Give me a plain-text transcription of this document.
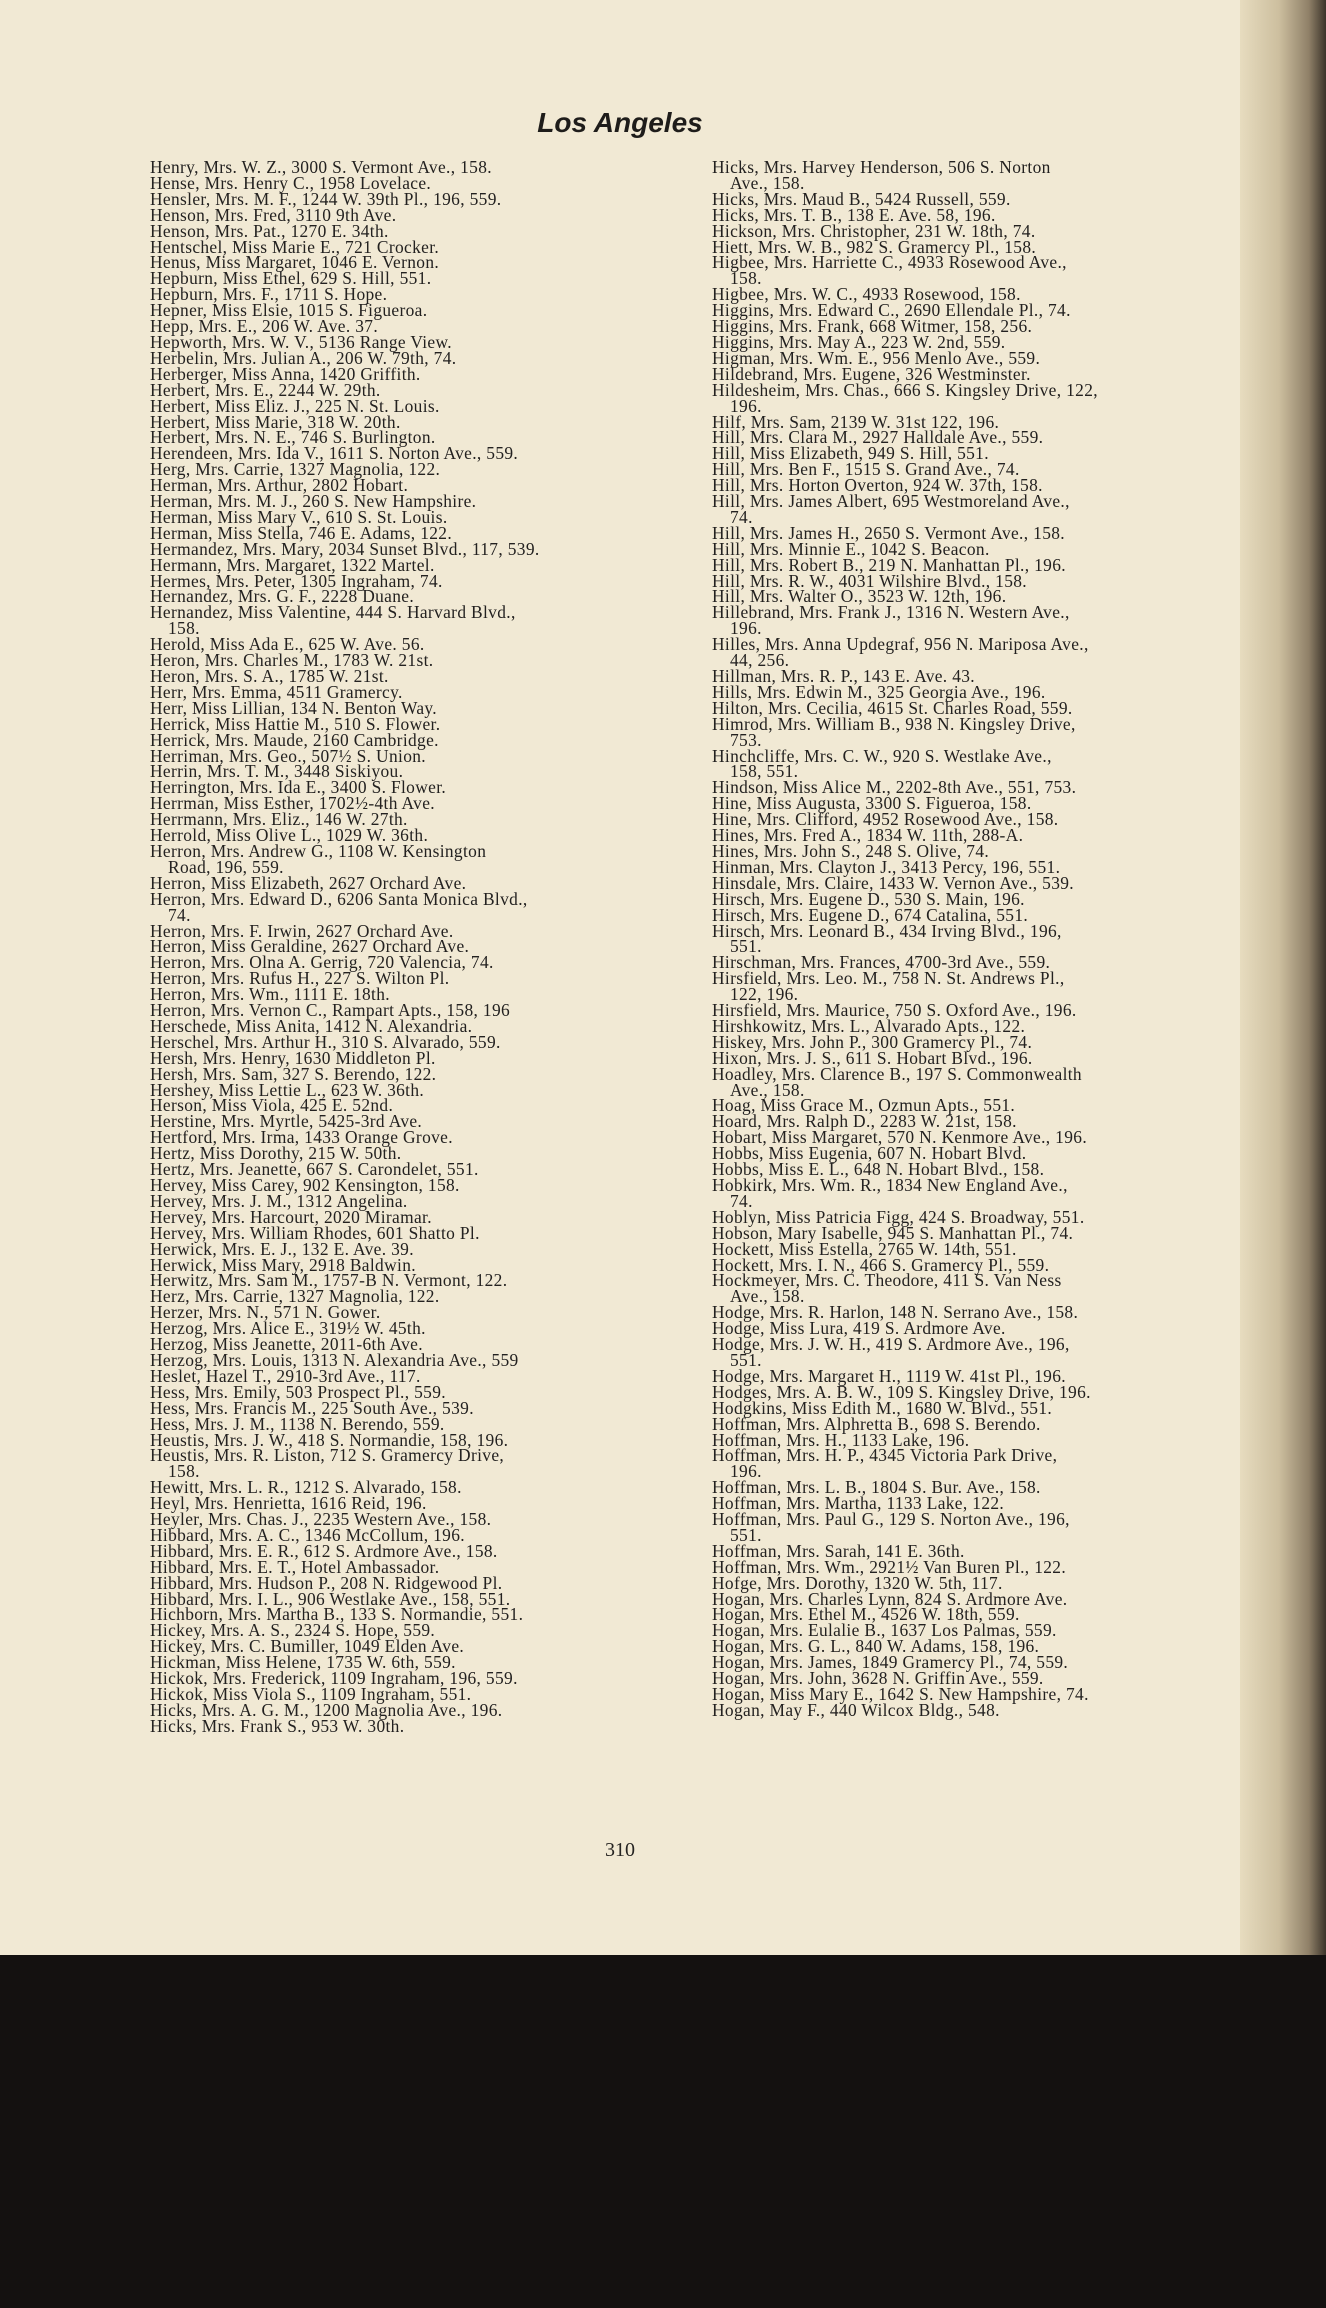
Los Angeles
Henry, Mrs. W. Z., 3000 S. Vermont Ave., 158.
Hense, Mrs. Henry C., 1958 Lovelace.
Hensler, Mrs. M. F., 1244 W. 39th Pl., 196, 559.
Henson, Mrs. Fred, 3110 9th Ave.
Henson, Mrs. Pat., 1270 E. 34th.
Hentschel, Miss Marie E., 721 Crocker.
Henus, Miss Margaret, 1046 E. Vernon.
Hepburn, Miss Ethel, 629 S. Hill, 551.
Hepburn, Mrs. F., 1711 S. Hope.
Hepner, Miss Elsie, 1015 S. Figueroa.
Hepp, Mrs. E., 206 W. Ave. 37.
Hepworth, Mrs. W. V., 5136 Range View.
Herbelin, Mrs. Julian A., 206 W. 79th, 74.
Herberger, Miss Anna, 1420 Griffith.
Herbert, Mrs. E., 2244 W. 29th.
Herbert, Miss Eliz. J., 225 N. St. Louis.
Herbert, Miss Marie, 318 W. 20th.
Herbert, Mrs. N. E., 746 S. Burlington.
Herendeen, Mrs. Ida V., 1611 S. Norton Ave., 559.
Herg, Mrs. Carrie, 1327 Magnolia, 122.
Herman, Mrs. Arthur, 2802 Hobart.
Herman, Mrs. M. J., 260 S. New Hampshire.
Herman, Miss Mary V., 610 S. St. Louis.
Herman, Miss Stella, 746 E. Adams, 122.
Hermandez, Mrs. Mary, 2034 Sunset Blvd., 117, 539.
Hermann, Mrs. Margaret, 1322 Martel.
Hermes, Mrs. Peter, 1305 Ingraham, 74.
Hernandez, Mrs. G. F., 2228 Duane.
Hernandez, Miss Valentine, 444 S. Harvard Blvd.,
158.
Herold, Miss Ada E., 625 W. Ave. 56.
Heron, Mrs. Charles M., 1783 W. 21st.
Heron, Mrs. S. A., 1785 W. 21st.
Herr, Mrs. Emma, 4511 Gramercy.
Herr, Miss Lillian, 134 N. Benton Way.
Herrick, Miss Hattie M., 510 S. Flower.
Herrick, Mrs. Maude, 2160 Cambridge.
Herriman, Mrs. Geo., 507½ S. Union.
Herrin, Mrs. T. M., 3448 Siskiyou.
Herrington, Mrs. Ida E., 3400 S. Flower.
Herrman, Miss Esther, 1702½-4th Ave.
Herrmann, Mrs. Eliz., 146 W. 27th.
Herrold, Miss Olive L., 1029 W. 36th.
Herron, Mrs. Andrew G., 1108 W. Kensington
Road, 196, 559.
Herron, Miss Elizabeth, 2627 Orchard Ave.
Herron, Mrs. Edward D., 6206 Santa Monica Blvd.,
74.
Herron, Mrs. F. Irwin, 2627 Orchard Ave.
Herron, Miss Geraldine, 2627 Orchard Ave.
Herron, Mrs. Olna A. Gerrig, 720 Valencia, 74.
Herron, Mrs. Rufus H., 227 S. Wilton Pl.
Herron, Mrs. Wm., 1111 E. 18th.
Herron, Mrs. Vernon C., Rampart Apts., 158, 196
Herschede, Miss Anita, 1412 N. Alexandria.
Herschel, Mrs. Arthur H., 310 S. Alvarado, 559.
Hersh, Mrs. Henry, 1630 Middleton Pl.
Hersh, Mrs. Sam, 327 S. Berendo, 122.
Hershey, Miss Lettie L., 623 W. 36th.
Herson, Miss Viola, 425 E. 52nd.
Herstine, Mrs. Myrtle, 5425-3rd Ave.
Hertford, Mrs. Irma, 1433 Orange Grove.
Hertz, Miss Dorothy, 215 W. 50th.
Hertz, Mrs. Jeanette, 667 S. Carondelet, 551.
Hervey, Miss Carey, 902 Kensington, 158.
Hervey, Mrs. J. M., 1312 Angelina.
Hervey, Mrs. Harcourt, 2020 Miramar.
Hervey, Mrs. William Rhodes, 601 Shatto Pl.
Herwick, Mrs. E. J., 132 E. Ave. 39.
Herwick, Miss Mary, 2918 Baldwin.
Herwitz, Mrs. Sam M., 1757-B N. Vermont, 122.
Herz, Mrs. Carrie, 1327 Magnolia, 122.
Herzer, Mrs. N., 571 N. Gower.
Herzog, Mrs. Alice E., 319½ W. 45th.
Herzog, Miss Jeanette, 2011-6th Ave.
Herzog, Mrs. Louis, 1313 N. Alexandria Ave., 559
Heslet, Hazel T., 2910-3rd Ave., 117.
Hess, Mrs. Emily, 503 Prospect Pl., 559.
Hess, Mrs. Francis M., 225 South Ave., 539.
Hess, Mrs. J. M., 1138 N. Berendo, 559.
Heustis, Mrs. J. W., 418 S. Normandie, 158, 196.
Heustis, Mrs. R. Liston, 712 S. Gramercy Drive,
158.
Hewitt, Mrs. L. R., 1212 S. Alvarado, 158.
Heyl, Mrs. Henrietta, 1616 Reid, 196.
Heyler, Mrs. Chas. J., 2235 Western Ave., 158.
Hibbard, Mrs. A. C., 1346 McCollum, 196.
Hibbard, Mrs. E. R., 612 S. Ardmore Ave., 158.
Hibbard, Mrs. E. T., Hotel Ambassador.
Hibbard, Mrs. Hudson P., 208 N. Ridgewood Pl.
Hibbard, Mrs. I. L., 906 Westlake Ave., 158, 551.
Hichborn, Mrs. Martha B., 133 S. Normandie, 551.
Hickey, Mrs. A. S., 2324 S. Hope, 559.
Hickey, Mrs. C. Bumiller, 1049 Elden Ave.
Hickman, Miss Helene, 1735 W. 6th, 559.
Hickok, Mrs. Frederick, 1109 Ingraham, 196, 559.
Hickok, Miss Viola S., 1109 Ingraham, 551.
Hicks, Mrs. A. G. M., 1200 Magnolia Ave., 196.
Hicks, Mrs. Frank S., 953 W. 30th.
Hicks, Mrs. Harvey Henderson, 506 S. Norton
Ave., 158.
Hicks, Mrs. Maud B., 5424 Russell, 559.
Hicks, Mrs. T. B., 138 E. Ave. 58, 196.
Hickson, Mrs. Christopher, 231 W. 18th, 74.
Hiett, Mrs. W. B., 982 S. Gramercy Pl., 158.
Higbee, Mrs. Harriette C., 4933 Rosewood Ave.,
158.
Higbee, Mrs. W. C., 4933 Rosewood, 158.
Higgins, Mrs. Edward C., 2690 Ellendale Pl., 74.
Higgins, Mrs. Frank, 668 Witmer, 158, 256.
Higgins, Mrs. May A., 223 W. 2nd, 559.
Higman, Mrs. Wm. E., 956 Menlo Ave., 559.
Hildebrand, Mrs. Eugene, 326 Westminster.
Hildesheim, Mrs. Chas., 666 S. Kingsley Drive, 122,
196.
Hilf, Mrs. Sam, 2139 W. 31st 122, 196.
Hill, Mrs. Clara M., 2927 Halldale Ave., 559.
Hill, Miss Elizabeth, 949 S. Hill, 551.
Hill, Mrs. Ben F., 1515 S. Grand Ave., 74.
Hill, Mrs. Horton Overton, 924 W. 37th, 158.
Hill, Mrs. James Albert, 695 Westmoreland Ave.,
74.
Hill, Mrs. James H., 2650 S. Vermont Ave., 158.
Hill, Mrs. Minnie E., 1042 S. Beacon.
Hill, Mrs. Robert B., 219 N. Manhattan Pl., 196.
Hill, Mrs. R. W., 4031 Wilshire Blvd., 158.
Hill, Mrs. Walter O., 3523 W. 12th, 196.
Hillebrand, Mrs. Frank J., 1316 N. Western Ave.,
196.
Hilles, Mrs. Anna Updegraf, 956 N. Mariposa Ave.,
44, 256.
Hillman, Mrs. R. P., 143 E. Ave. 43.
Hills, Mrs. Edwin M., 325 Georgia Ave., 196.
Hilton, Mrs. Cecilia, 4615 St. Charles Road, 559.
Himrod, Mrs. William B., 938 N. Kingsley Drive,
753.
Hinchcliffe, Mrs. C. W., 920 S. Westlake Ave.,
158, 551.
Hindson, Miss Alice M., 2202-8th Ave., 551, 753.
Hine, Miss Augusta, 3300 S. Figueroa, 158.
Hine, Mrs. Clifford, 4952 Rosewood Ave., 158.
Hines, Mrs. Fred A., 1834 W. 11th, 288-A.
Hines, Mrs. John S., 248 S. Olive, 74.
Hinman, Mrs. Clayton J., 3413 Percy, 196, 551.
Hinsdale, Mrs. Claire, 1433 W. Vernon Ave., 539.
Hirsch, Mrs. Eugene D., 530 S. Main, 196.
Hirsch, Mrs. Eugene D., 674 Catalina, 551.
Hirsch, Mrs. Leonard B., 434 Irving Blvd., 196,
551.
Hirschman, Mrs. Frances, 4700-3rd Ave., 559.
Hirsfield, Mrs. Leo. M., 758 N. St. Andrews Pl.,
122, 196.
Hirsfield, Mrs. Maurice, 750 S. Oxford Ave., 196.
Hirshkowitz, Mrs. L., Alvarado Apts., 122.
Hiskey, Mrs. John P., 300 Gramercy Pl., 74.
Hixon, Mrs. J. S., 611 S. Hobart Blvd., 196.
Hoadley, Mrs. Clarence B., 197 S. Commonwealth
Ave., 158.
Hoag, Miss Grace M., Ozmun Apts., 551.
Hoard, Mrs. Ralph D., 2283 W. 21st, 158.
Hobart, Miss Margaret, 570 N. Kenmore Ave., 196.
Hobbs, Miss Eugenia, 607 N. Hobart Blvd.
Hobbs, Miss E. L., 648 N. Hobart Blvd., 158.
Hobkirk, Mrs. Wm. R., 1834 New England Ave.,
74.
Hoblyn, Miss Patricia Figg, 424 S. Broadway, 551.
Hobson, Mary Isabelle, 945 S. Manhattan Pl., 74.
Hockett, Miss Estella, 2765 W. 14th, 551.
Hockett, Mrs. I. N., 466 S. Gramercy Pl., 559.
Hockmeyer, Mrs. C. Theodore, 411 S. Van Ness
Ave., 158.
Hodge, Mrs. R. Harlon, 148 N. Serrano Ave., 158.
Hodge, Miss Lura, 419 S. Ardmore Ave.
Hodge, Mrs. J. W. H., 419 S. Ardmore Ave., 196,
551.
Hodge, Mrs. Margaret H., 1119 W. 41st Pl., 196.
Hodges, Mrs. A. B. W., 109 S. Kingsley Drive, 196.
Hodgkins, Miss Edith M., 1680 W. Blvd., 551.
Hoffman, Mrs. Alphretta B., 698 S. Berendo.
Hoffman, Mrs. H., 1133 Lake, 196.
Hoffman, Mrs. H. P., 4345 Victoria Park Drive,
196.
Hoffman, Mrs. L. B., 1804 S. Bur. Ave., 158.
Hoffman, Mrs. Martha, 1133 Lake, 122.
Hoffman, Mrs. Paul G., 129 S. Norton Ave., 196,
551.
Hoffman, Mrs. Sarah, 141 E. 36th.
Hoffman, Mrs. Wm., 2921½ Van Buren Pl., 122.
Hofge, Mrs. Dorothy, 1320 W. 5th, 117.
Hogan, Mrs. Charles Lynn, 824 S. Ardmore Ave.
Hogan, Mrs. Ethel M., 4526 W. 18th, 559.
Hogan, Mrs. Eulalie B., 1637 Los Palmas, 559.
Hogan, Mrs. G. L., 840 W. Adams, 158, 196.
Hogan, Mrs. James, 1849 Gramercy Pl., 74, 559.
Hogan, Mrs. John, 3628 N. Griffin Ave., 559.
Hogan, Miss Mary E., 1642 S. New Hampshire, 74.
Hogan, May F., 440 Wilcox Bldg., 548.
310
